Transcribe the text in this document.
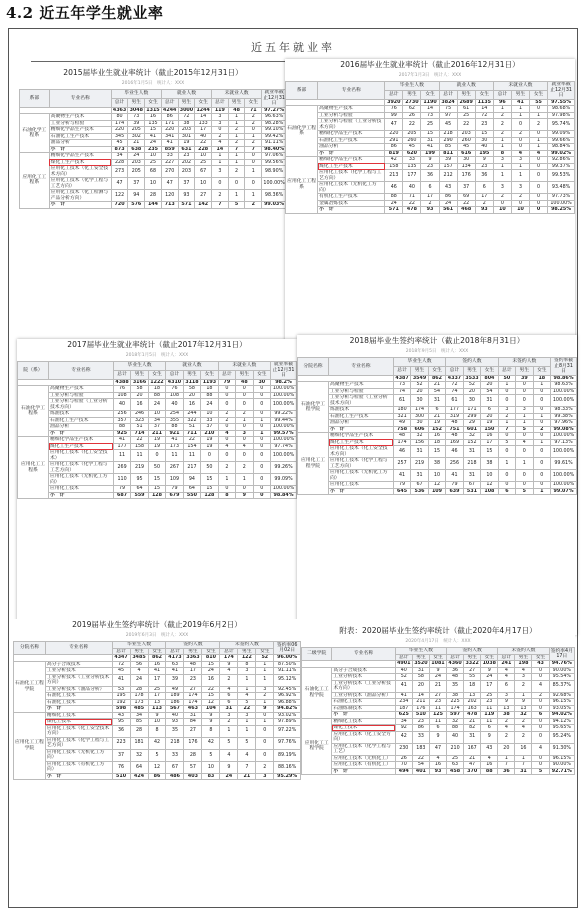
4.2 近五年学生就业率
近五年就业率
2015届毕业生就业率统计（截止2015年12月31日）
2016年1月5日　统计人：XXX
系部	专业名称	毕业生人数			就业人数			未就业人数			就业率截止12月31日
		总计	男生	女生	总计	男生	女生	总计	男生	女生	
		4363	3048	1315	4244	3000	1244	119	48	71	97.27%
石油化学工程系	高聚物生产技术	80	73	16	86	72	14	3	1	2	96.63%
	工业分析与检验	174	39	135	171	38	133	3	1	2	98.28%
	精细化学品生产技术	220	205	15	220	203	17	0	2	0	99.10%
	石油化工生产技术	345	302	41	341	301	40	2	1	1	99.42%
	油品分析	45	21	24	41	19	22	4	2	2	91.11%
	小　计	873	638	235	859	631	228	14	7	7	98.40%
应用化工工程系	精细化学品生产技术	34	24	10	33	23	10	1	1	0	97.06%
	煤化工生产技术	228	203	25	227	202	25	1	1	0	99.56%
	应用化工技术（化工安全技术方向）	273	205	68	270	203	67	3	2	1	98.90%
	应用化工技术（化学工程与工艺方向）	47	37	10	47	37	10	0	0	0	100.00%
	应用化工技术（化工检测与产品分析方向）	122	94	28	120	93	27	2	1	1	98.36%
	小　计	720	576	144	713	571	142	7	5	2	99.03%
2016届毕业生就业率统计（截止2016年12月31日）
2017年1月3日　统计人：XXX
系部	专业名称	毕业生人数			就业人数			未就业人数			就业率截止12月31日
		总计	男生	女生	总计	男生	女生	总计	男生	女生	
		3920	2730	1190	3824	2689	1135	96	41	55	97.55%
石油化学工程系	高聚物生产技术	76	62	14	75	61	14	1	1	0	98.68%
	工业分析与检验	99	26	73	97	25	72	2	1	1	97.98%
	工业分析与检验（工业分析技术方向）	47	22	25	45	22	23	2	0	2	95.74%
	精细化学品生产技术	220	205	15	218	203	15	2	2	0	99.09%
	石油化工生产技术	291	260	31	290	260	30	1	0	1	99.66%
	油品分析	86	45	41	85	45	40	1	0	1	98.84%
	小　计	819	620	199	811	616	195	8	4	4	99.02%
应用化工工程系	精细化学品生产技术	42	33	9	39	30	9	3	3	0	92.86%
	煤化工生产技术	158	135	23	157	134	23	1	1	0	99.37%
	应用化工技术（化学工程与工艺方向）	213	177	36	212	176	36	1	1	0	99.53%
	应用化工技术（无机化工方向）	46	40	6	43	37	6	3	3	0	93.48%
	有机化工生产技术	88	71	17	86	69	17	2	2	0	97.73%
	金属冶炼技术	24	22	2	24	22	2	0	0	0	100.00%
	小　计	571	478	93	561	468	93	10	10	0	98.25%
2017届毕业生就业率统计（截止2017年12月31日）
2018年1月5日　统计人：XXX
院（系）	专业名称	毕业生人数			就业人数			未就业人数			就业率截止12月31日
		总计	男生	女生	总计	男生	女生	总计	男生	女生	
		4388	3166	1222	4310	3118	1193	79	48	30	98.2%
石油化学工程系	高聚物生产技术	76	58	18	76	58	18	0	0	0	100.00%
	工业分析与检验	108	20	88	108	20	88	0	0	0	100.00%
	工业分析与检验（工业分析技术方向）	40	16	24	40	16	24	0	0	0	100.00%
	炼油技术	256	246	10	254	244	10	2	2	0	99.22%
	石油化工生产技术	357	323	34	355	322	33	2	1	1	99.44%
	油品分析	88	51	37	88	51	37	0	0	0	100.00%
	小　计	925	714	211	921	711	210	4	3	1	99.57%
应用化工工程系	精细化学品生产技术	41	22	19	41	22	19	0	0	0	100.00%
	煤化工生产技术	177	158	19	173	154	19	4	4	0	97.74%
	应用化工技术（化工安全技术）	11	11	0	11	11	0	0	0	0	100.00%
	应用化工技术（化学工程与工艺方向）	269	219	50	267	217	50	2	2	0	99.26%
	应用化工技术（无机化工方向）	110	95	15	109	94	15	1	1	0	99.09%
	应用化工技术	79	64	15	79	64	15	0	0	0	100.00%
	小　计	687	559	128	679	550	128	8	9	0	98.84%
2018届毕业生签约率统计（截止2018年8月31日）
2018年9月5日　统计人：XXX
分院名称	专业名称	毕业生人数			签约人数			未签约人数			签约率截止8月31日
		总计	男生	女生	总计	男生	女生	总计	男生	女生	
		4387	3549	862	4337	3533	804	50	39	18	98.86%
石油化学工程学院	高聚物生产技术	73	52	21	72	52	20	1	0	1	98.63%
	工业分析与检验	74	20	54	74	20	54	0	0	0	100.00%
	工业分析与检验（工业分析技术方向）	61	30	31	61	30	31	0	0	0	100.00%
	炼油技术	180	174	6	177	171	6	3	3	0	98.33%
	石油化工生产技术	321	300	21	319	299	20	2	1	1	99.38%
	油品分析	49	30	19	48	29	19	1	1	0	97.96%
	小　计	758	606	152	751	601	150	7	5	2	99.08%
应用化工工程学院	精细化学品生产技术	48	32	16	48	32	16	0	0	0	100.00%
	煤化工生产技术	174	156	18	169	152	17	5	4	1	97.13%
	应用化工技术（化工安全技术方向）	46	31	15	46	31	15	0	0	0	100.00%
	应用化工技术（化学工程与工艺方向）	257	219	38	256	218	38	1	1	0	99.61%
	应用化工技术（无机化工方向）	41	31	10	41	31	10	0	0	0	100.00%
	应用化工技术	79	67	12	79	67	12	0	0	0	100.00%
	小　计	645	536	109	639	531	108	6	5	1	99.07%
2019届毕业生签约率统计（截止2019年6月2日）
2019年6月3日　统计人：XXX
分院名称	专业名称	毕业生人数			签约人数			未签约人数			签约率06月02日
		总计	男生	女生	总计	男生	女生	总计	男生	女生	
		4347	3485	862	4173	3363	810	174	122	52	96.00%
石油化工工程学院	高分子合成技术	72	56	16	63	48	15	9	8	1	87.50%
	工业分析技术	45	4	41	41	17	24	4	3	1	91.11%
	工业分析技术（工业分析技术方向）	41	24	17	39	23	16	2	1	1	95.12%
	工业分析技术（油品分析）	53	28	25	49	27	22	4	1	3	92.45%
	石油化工技术	195	178	17	189	174	15	6	4	2	96.92%
	石油化工技术	192	173	13	186	174	12	6	5	1	96.88%
	小　计	598	485	113	567	463	104	31	22	9	94.82%
应用化工工程学院	精细化工技术	43	34	9	40	31	9	3	3	0	93.02%
	煤化工技术	95	85	10	93	84	9	2	1	1	97.89%
	应用化工技术（化工安全技术方向）	36	28	8	35	27	8	1	1	0	97.22%
	应用化工技术（化学工程与工艺方向）	223	181	42	218	176	42	5	5	0	97.76%
	应用化工技术（无机化工方向）	37	32	5	33	28	5	4	4	0	89.19%
	应用化工技术（有机化工方向）	76	64	12	67	57	10	9	7	2	88.16%
	小　计	510	424	86	486	403	83	24	21	3	95.29%
附表：2020届毕业生签约率统计（截止2020年4月17日）
2020年4月17日　统计人：XXX
二级学院	专业名称	毕业生人数			签约人数			未签约人数			签约率4月17日
		总计	男生	女生	总计	男生	女生	总计	男生	女生	
		4901	3520	1081	4360	3322	1038	241	198	43	94.76%
石油化工工程学院	高分子合成技术	40	31	9	36	27	9	4	4	0	90.00%
	工业分析技术	52	58	24	48	55	24	4	3	0	95.54%
	工业分析技术（工业分析技术方向）	41	20	21	35	18	17	6	2	4	85.37%
	工业分析技术（油品分析）	41	14	27	38	13	25	3	1	2	92.68%
	石油化工技术	234	211	23	225	202	23	9	9	0	96.15%
	石油炼制技术	187	176	11	174	163	11	13	13	0	93.05%
	小　计	625	510	125	597	478	119	38	32	6	94.02%
应用化工工程学院	精细化工技术	34	23	11	32	21	11	2	2	0	94.12%
	煤化工技术	92	86	6	88	82	6	4	4	0	95.65%
	应用化工技术（化工安全方向）	42	33	9	40	31	9	2	2	0	95.24%
	应用化工技术（化学工程与工艺）	230	183	47	210	167	43	20	16	4	91.30%
	应用化工技术（无机化工）	26	22	4	25	21	4	1	1	0	96.15%
	应用化工技术（有机化工）	70	54	16	63	47	16	7	7	0	90.00%
	小　计	494	401	93	458	370	88	36	31	5	92.71%
